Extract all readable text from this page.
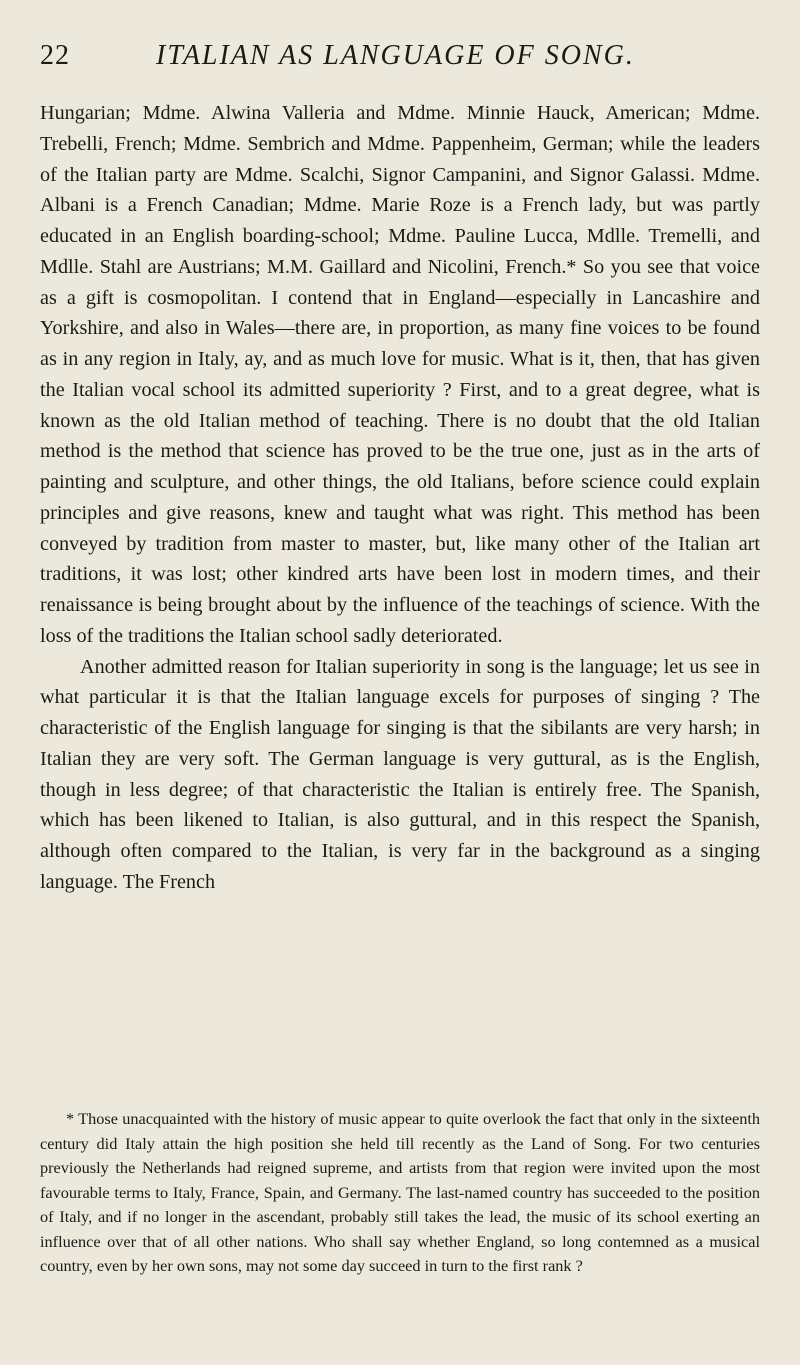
22	ITALIAN AS LANGUAGE OF SONG.

Hungarian; Mdme. Alwina Valleria and Mdme. Minnie Hauck, American; Mdme. Trebelli, French; Mdme. Sembrich and Mdme. Pappenheim, German; while the leaders of the Italian party are Mdme. Scalchi, Signor Campanini, and Signor Galassi. Mdme. Albani is a French Canadian; Mdme. Marie Roze is a French lady, but was partly educated in an English boarding-school; Mdme. Pauline Lucca, Mdlle. Tremelli, and Mdlle. Stahl are Austrians; M.M. Gaillard and Nicolini, French.* So you see that voice as a gift is cosmopolitan. I contend that in England—especially in Lancashire and Yorkshire, and also in Wales—there are, in proportion, as many fine voices to be found as in any region in Italy, ay, and as much love for music. What is it, then, that has given the Italian vocal school its admitted superiority ? First, and to a great degree, what is known as the old Italian method of teaching. There is no doubt that the old Italian method is the method that science has proved to be the true one, just as in the arts of painting and sculpture, and other things, the old Italians, before science could explain principles and give reasons, knew and taught what was right. This method has been conveyed by tradition from master to master, but, like many other of the Italian art traditions, it was lost; other kindred arts have been lost in modern times, and their renaissance is being brought about by the influence of the teachings of science. With the loss of the traditions the Italian school sadly deteriorated.

Another admitted reason for Italian superiority in song is the language; let us see in what particular it is that the Italian language excels for purposes of singing ? The characteristic of the English language for singing is that the sibilants are very harsh; in Italian they are very soft. The German language is very guttural, as is the English, though in less degree; of that characteristic the Italian is entirely free. The Spanish, which has been likened to Italian, is also guttural, and in this respect the Spanish, although often compared to the Italian, is very far in the background as a singing language. The French

* Those unacquainted with the history of music appear to quite overlook the fact that only in the sixteenth century did Italy attain the high position she held till recently as the Land of Song. For two centuries previously the Netherlands had reigned supreme, and artists from that region were invited upon the most favourable terms to Italy, France, Spain, and Germany. The last-named country has succeeded to the position of Italy, and if no longer in the ascendant, probably still takes the lead, the music of its school exerting an influence over that of all other nations. Who shall say whether England, so long contemned as a musical country, even by her own sons, may not some day succeed in turn to the first rank ?
